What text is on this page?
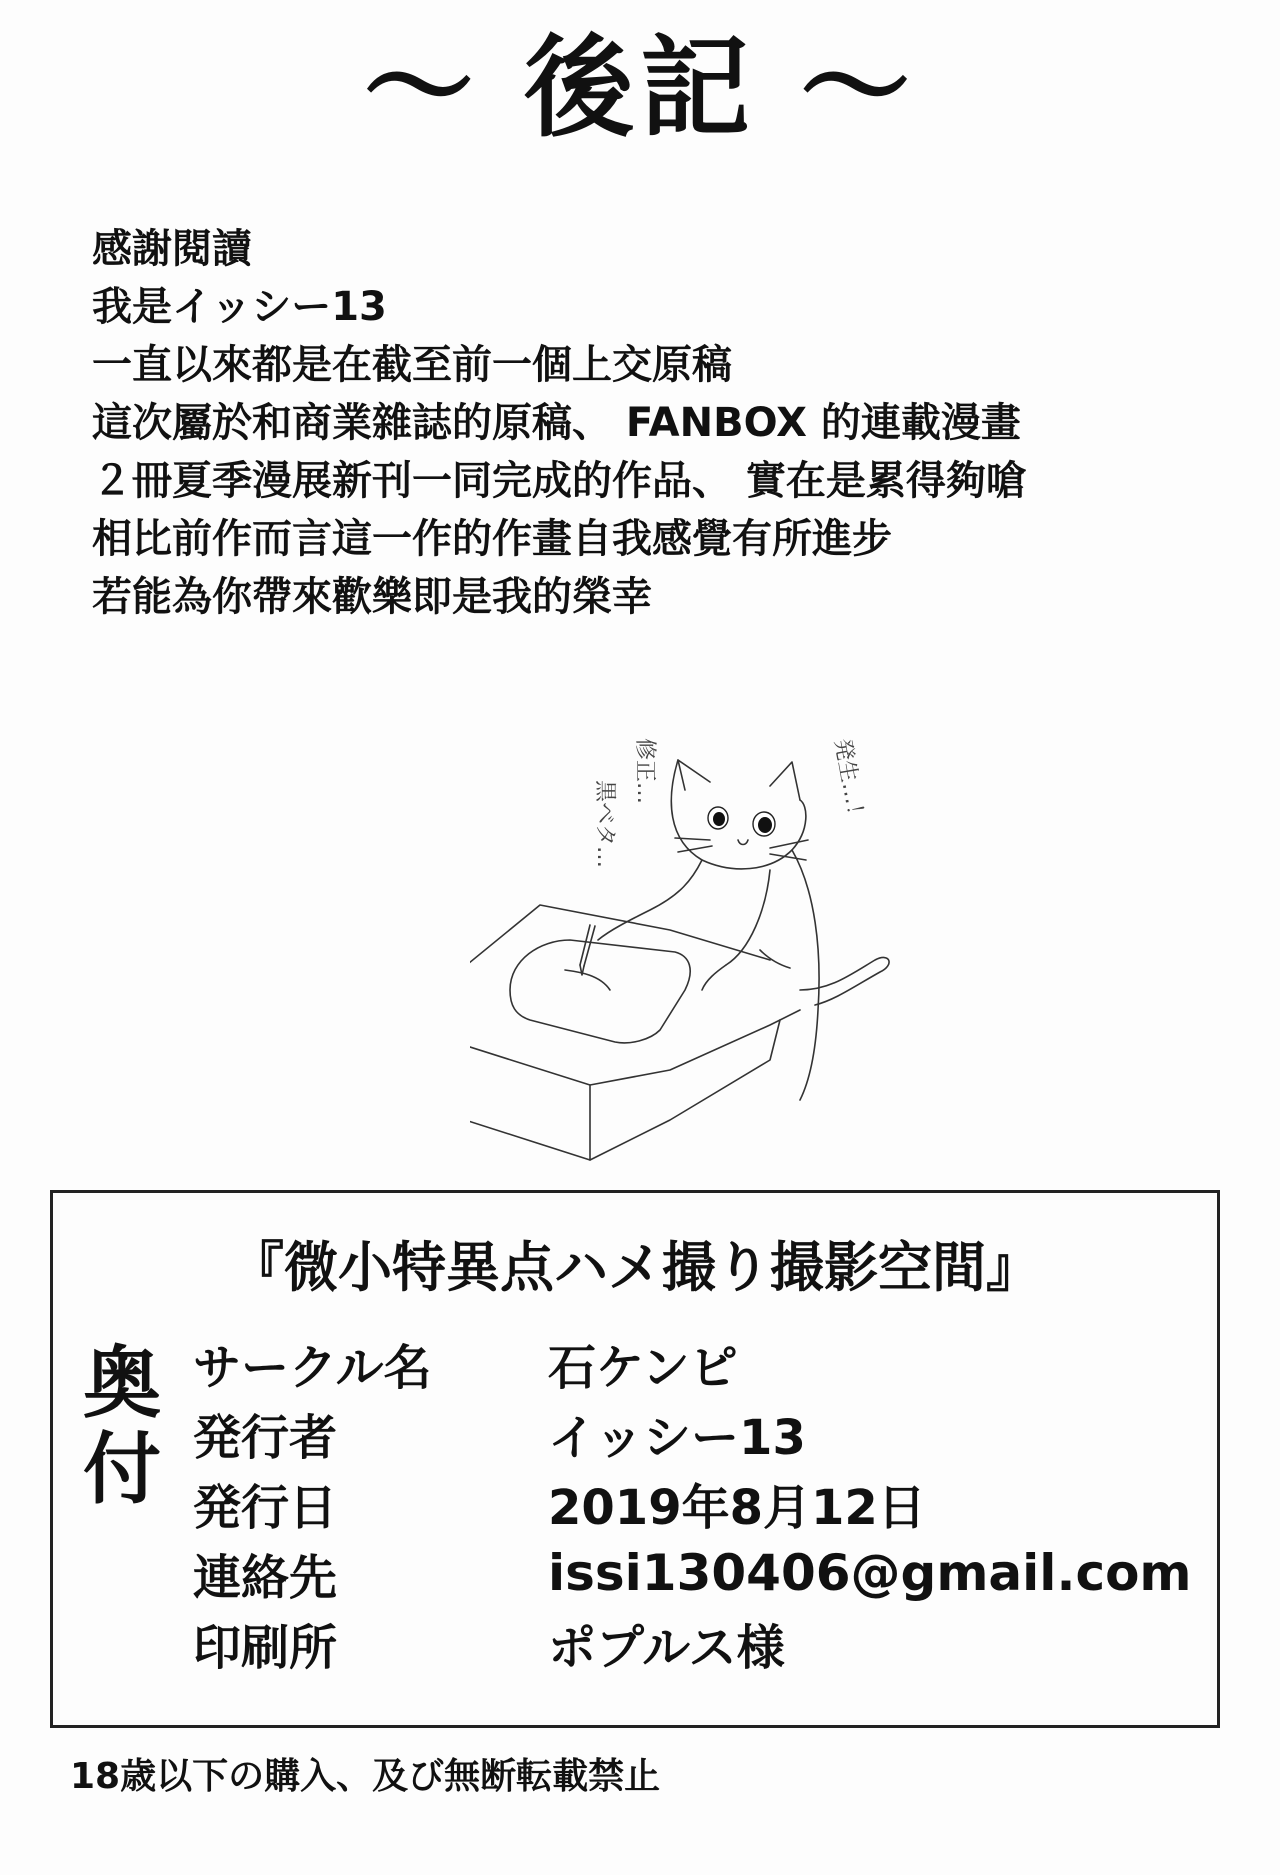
～ 後記 ～
感謝閱讀
我是イッシー13
一直以來都是在截至前一個上交原稿
這次屬於和商業雜誌的原稿、 FANBOX 的連載漫畫
２冊夏季漫展新刊一同完成的作品、 實在是累得夠嗆
相比前作而言這一作的作畫自我感覺有所進步
若能為你帶來歡樂即是我的榮幸
修正…
黒ベタ…	発生…！
『微小特異点ハメ撮り撮影空間』
奥
付
サークル名	石ケンピ
発行者	イッシー13
発行日	2019年8月12日
連絡先	issi130406@gmail.com
印刷所	ポプルス様
18歳以下の購入、及び無断転載禁止
